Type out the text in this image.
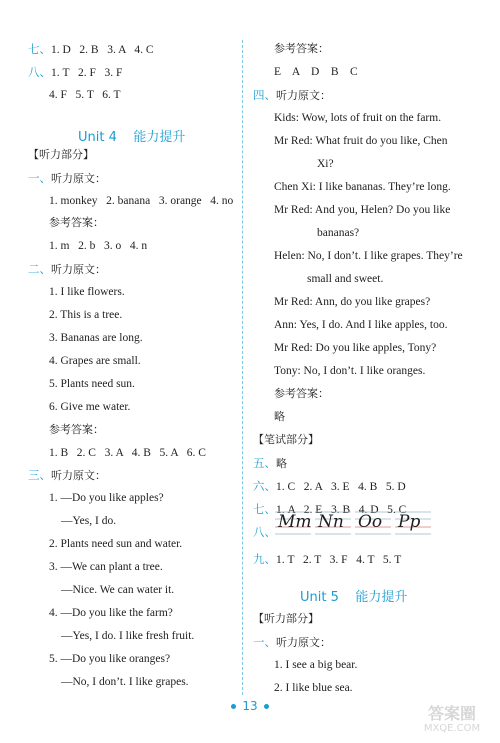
七、1. D   2. B   3. A   4. C
八、1. T   2. F   3. F
4. F   5. T   6. T
【听力部分】
一、听力原文：
1. monkey   2. banana   3. orange   4. no
参考答案：
1. m   2. b   3. o   4. n
二、听力原文：
1. I like flowers.
2. This is a tree.
3. Bananas are long.
4. Grapes are small.
5. Plants need sun.
6. Give me water.
参考答案：
1. B   2. C   3. A   4. B   5. A   6. C
三、听力原文：
1. —Do you like apples?
—Yes, I do.
2. Plants need sun and water.
3. —We can plant a tree.
—Nice. We can water it.
4. —Do you like the farm?
—Yes, I do. I like fresh fruit.
5. —Do you like oranges?
—No, I don’t. I like grapes.
参考答案：
E    A    D    B    C
四、听力原文：
Kids: Wow, lots of fruit on the farm.
Mr Red: What fruit do you like, Chen
Xi?
Chen Xi: I like bananas. They’re long.
Mr Red: And you, Helen? Do you like
bananas?
Helen: No, I don’t. I like grapes. They’re
small and sweet.
Mr Red: Ann, do you like grapes?
Ann: Yes, I do. And I like apples, too.
Mr Red: Do you like apples, Tony?
Tony: No, I don’t. I like oranges.
参考答案：
略
【笔试部分】
五、略
六、1. C   2. A   3. E   4. B   5. D
七、1. A   2. E   3. B   4. D   5. C
八、
九、1. T   2. T   3. F   4. T   5. T
【听力部分】
一、听力原文：
1. I see a big bear.
2. I like blue sea.
Unit 4    能力提升
Unit 5    能力提升
Mm Nn Oo Pp
13	答案圈
MXQE.COM
